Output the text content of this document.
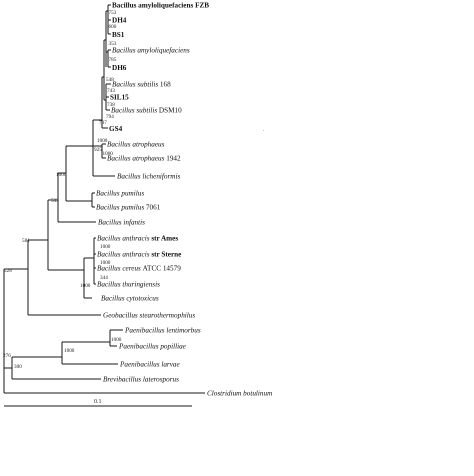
Bacillus amyloliquefaciens FZB
DH4
BS1
Bacillus amyloliquefaciens
DH6
Bacillus subtilis 168
SIL15
Bacillus subtilis DSM10
GS4
Bacillus atrophaeus
Bacillus atrophaeus 1942
Bacillus licheniformis
Bacillus pumilus
Bacillus pumilus 7061
Bacillus infantis
Bacillus anthracis str Ames
Bacillus anthracis str Sterne
Bacillus cereus ATCC 14579
Bacillus thuringiensis
Bacillus cytotoxicus
Geobacillus stearothermophilus
Paenibacillus lentimorbus
Paenibacillus popilliae
Paenibacillus larvae
Brevibacillus laterosporus
Clostridium botulinum
753
600
353
785
548
743
738
794
707
1000
925
1000
1000
533
581
1000
1000
344
1000
528
1000
1000
276
300
0.1
